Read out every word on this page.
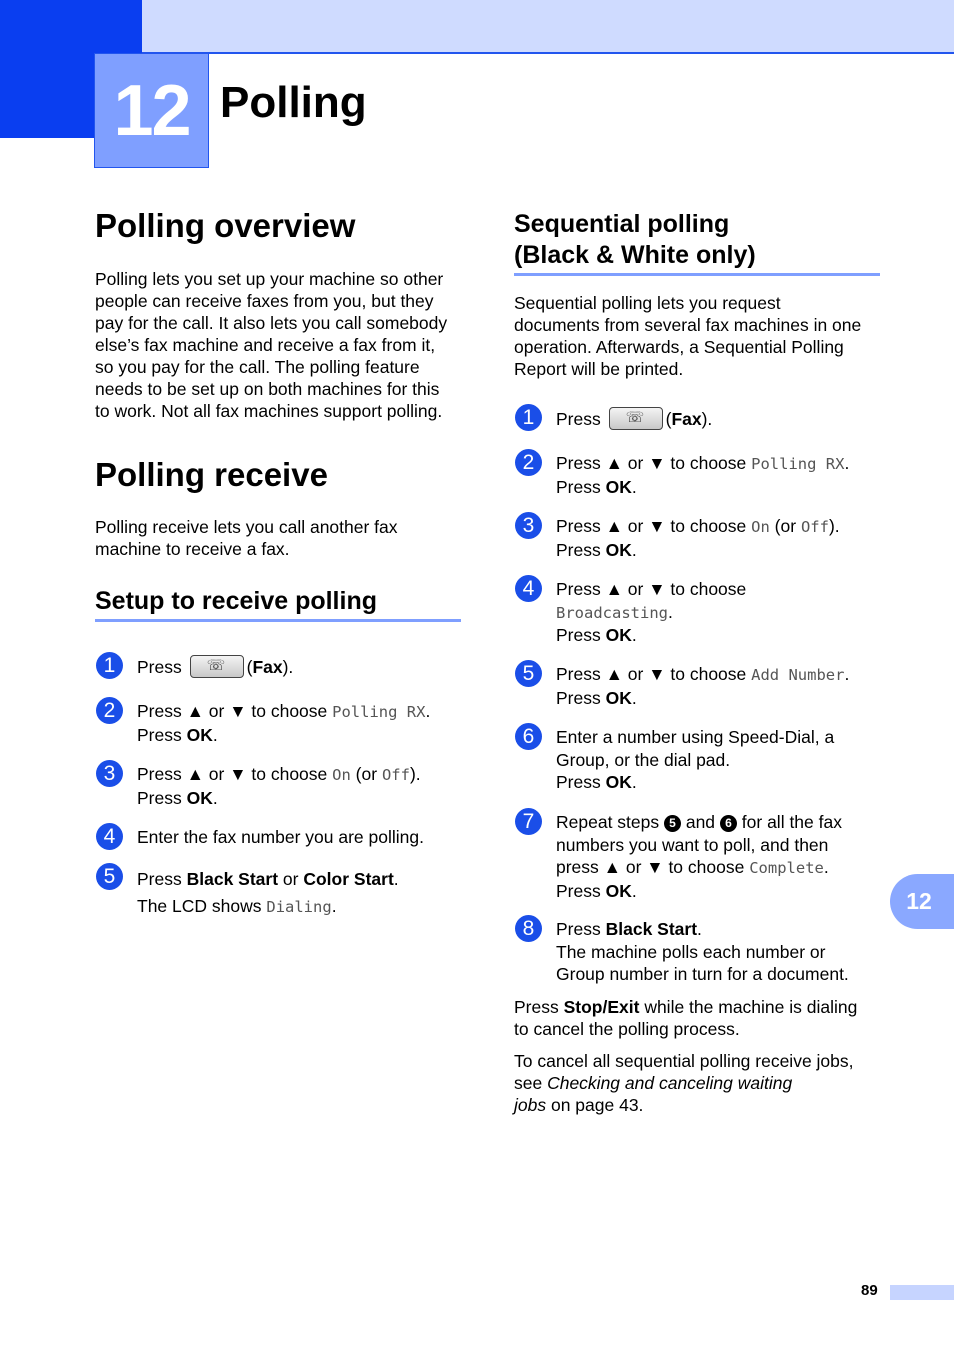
12 Polling
Polling overview

Polling lets you set up your machine so other
people can receive faxes from you, but they
pay for the call. It also lets you call somebody
else’s fax machine and receive a fax from it,
so you pay for the call. The polling feature
needs to be set up on both machines for this
to work. Not all fax machines support polling.

Polling receive

Polling receive lets you call another fax
machine to receive a fax.

Setup to receive polling
1	Press ☏ (Fax).
2	Press ▲ or ▼ to choose Polling RX.
Press OK.
3	Press ▲ or ▼ to choose On (or Off).
Press OK.
4	Enter the fax number you are polling.
5	Press Black Start or Color Start.
The LCD shows Dialing.
Sequential polling
(Black & White only)

Sequential polling lets you request
documents from several fax machines in one
operation. Afterwards, a Sequential Polling
Report will be printed.

1	Press ☏ (Fax).
2	Press ▲ or ▼ to choose Polling RX.
Press OK.
3	Press ▲ or ▼ to choose On (or Off).
Press OK.
4	Press ▲ or ▼ to choose
Broadcasting.
Press OK.
5	Press ▲ or ▼ to choose Add Number.
Press OK.
6	Enter a number using Speed-Dial, a
Group, or the dial pad.
Press OK.
7	Repeat steps 5 and 6 for all the fax
numbers you want to poll, and then
press ▲ or ▼ to choose Complete.
Press OK.
8	Press Black Start.
The machine polls each number or
Group number in turn for a document.

Press Stop/Exit while the machine is dialing
to cancel the polling process.

To cancel all sequential polling receive jobs,
see Checking and canceling waiting
jobs on page 43.

12
89
